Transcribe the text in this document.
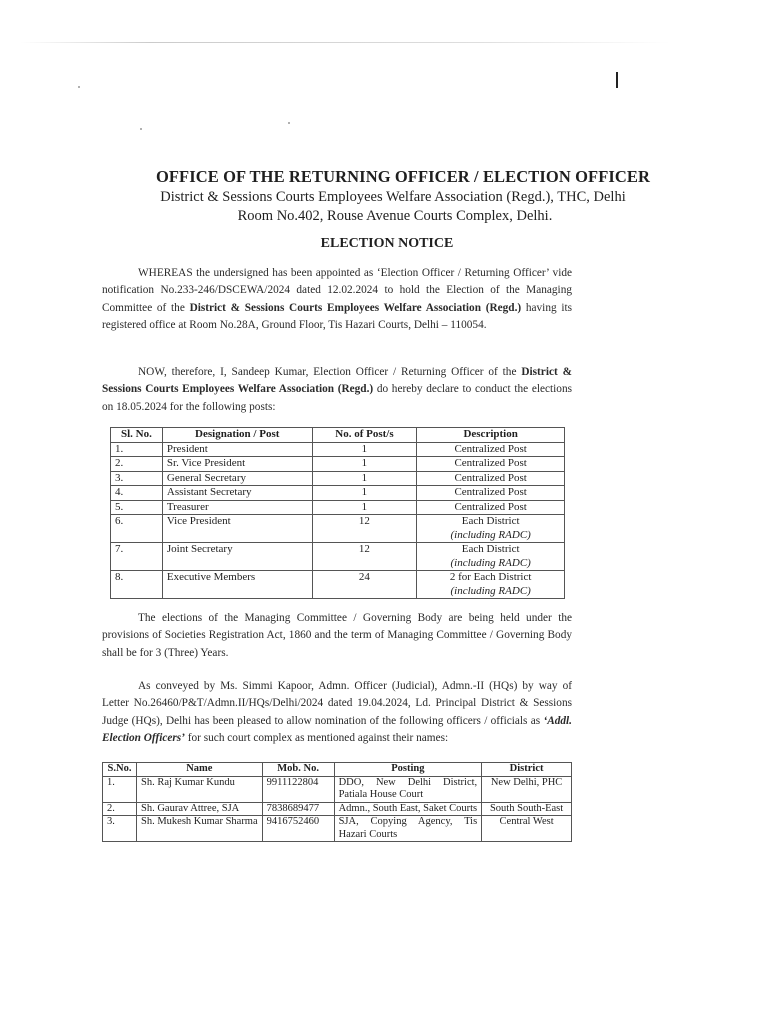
OFFICE OF THE RETURNING OFFICER / ELECTION OFFICER
District & Sessions Courts Employees Welfare Association (Regd.), THC, Delhi
Room No.402, Rouse Avenue Courts Complex, Delhi.
ELECTION NOTICE
WHEREAS the undersigned has been appointed as ‘Election Officer / Returning Officer’ vide notification No.233-246/DSCEWA/2024 dated 12.02.2024 to hold the Election of the Managing Committee of the District & Sessions Courts Employees Welfare Association (Regd.) having its registered office at Room No.28A, Ground Floor, Tis Hazari Courts, Delhi – 110054.
NOW, therefore, I, Sandeep Kumar, Election Officer / Returning Officer of the District & Sessions Courts Employees Welfare Association (Regd.) do hereby declare to conduct the elections on 18.05.2024 for the following posts:
Sl. No.	Designation / Post	No. of Post/s	Description
1.	President	1	Centralized Post

2.	Sr. Vice President	1	Centralized Post

3.	General Secretary	1	Centralized Post

4.	Assistant Secretary	1	Centralized Post

5.	Treasurer	1	Centralized Post

6.	Vice President	12	Each District
(including RADC)

7.	Joint Secretary	12	Each District
(including RADC)

8.	Executive Members	24	2 for Each District
(including RADC)
The elections of the Managing Committee / Governing Body are being held under the provisions of Societies Registration Act, 1860 and the term of Managing Committee / Governing Body shall be for 3 (Three) Years.
As conveyed by Ms. Simmi Kapoor, Admn. Officer (Judicial), Admn.-II (HQs) by way of Letter No.26460/P&T/Admn.II/HQs/Delhi/2024 dated 19.04.2024, Ld. Principal District & Sessions Judge (HQs), Delhi has been pleased to allow nomination of the following officers / officials as ‘Addl. Election Officers’ for such court complex as mentioned against their names:
S.No.	Name	Mob. No.	Posting	District
1.	Sh. Raj Kumar Kundu	9911122804	DDO, New Delhi District, Patiala House Court	New Delhi, PHC
2.	Sh. Gaurav Attree, SJA	7838689477	Admn., South East, Saket Courts	South South-East
3.	Sh. Mukesh Kumar Sharma	9416752460	SJA, Copying Agency, Tis Hazari Courts	Central West
